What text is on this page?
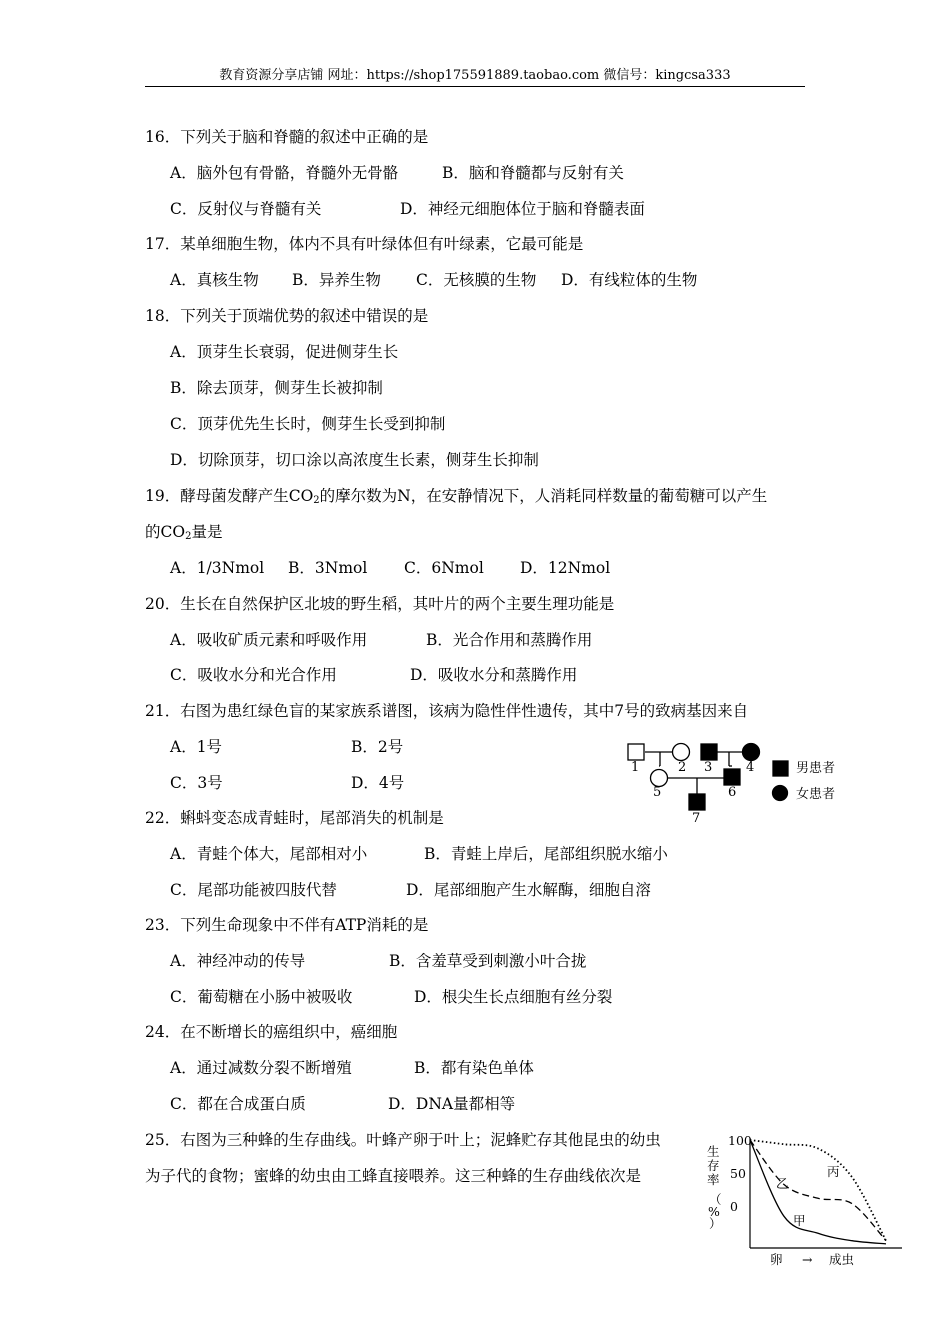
教育资源分享店铺 网址：https://shop175591889.taobao.com 微信号：kingcsa333
16．下列关于脑和脊髓的叙述中正确的是
A．脑外包有骨骼，脊髓外无骨骼	B．脑和脊髓都与反射有关
C．反射仪与脊髓有关	D．神经元细胞体位于脑和脊髓表面
17．某单细胞生物，体内不具有叶绿体但有叶绿素，它最可能是
A．真核生物 B．异养生物 C．无核膜的生物 D．有线粒体的生物
18．下列关于顶端优势的叙述中错误的是
A．顶芽生长衰弱，促进侧芽生长
B．除去顶芽，侧芽生长被抑制
C．顶芽优先生长时，侧芽生长受到抑制
D．切除顶芽，切口涂以高浓度生长素，侧芽生长抑制
19．酵母菌发酵产生$CO_2$的摩尔数为N，在安静情况下，人消耗同样数量的葡萄糖可以产生
的$CO_2$量是
A．1/3Nmol B．3Nmol C．6Nmol D．12Nmol
20．生长在自然保护区北坡的野生稻，其叶片的两个主要生理功能是
A．吸收矿质元素和呼吸作用	B．光合作用和蒸腾作用
C．吸收水分和光合作用	D．吸收水分和蒸腾作用
21．右图为患红绿色盲的某家族系谱图，该病为隐性伴性遗传，其中7号的致病基因来自
A．1号	B．2号
C．3号	D．4号
1	2 3	4
5	6
7
男患者
女患者
22．蝌蚪变态成青蛙时，尾部消失的机制是
A．青蛙个体大，尾部相对小	B．青蛙上岸后，尾部组织脱水缩小
C．尾部功能被四肢代替	D．尾部细胞产生水解酶，细胞自溶
23．下列生命现象中不伴有ATP消耗的是
A．神经冲动的传导	B．含羞草受到刺激小叶合拢
C．葡萄糖在小肠中被吸收	D．根尖生长点细胞有丝分裂
24．在不断增长的癌组织中，癌细胞
A．通过减数分裂不断增殖	B．都有染色单体
C．都在合成蛋白质	D．DNA量都相等
25．右图为三种蜂的生存曲线。叶蜂产卵于叶上；泥蜂贮存其他昆虫的幼虫
为子代的食物；蜜蜂的幼虫由工蜂直接喂养。这三种蜂的生存曲线依次是
100
50
0
生
存
率
（
%
）
乙
丙
甲
卵 → 成虫
